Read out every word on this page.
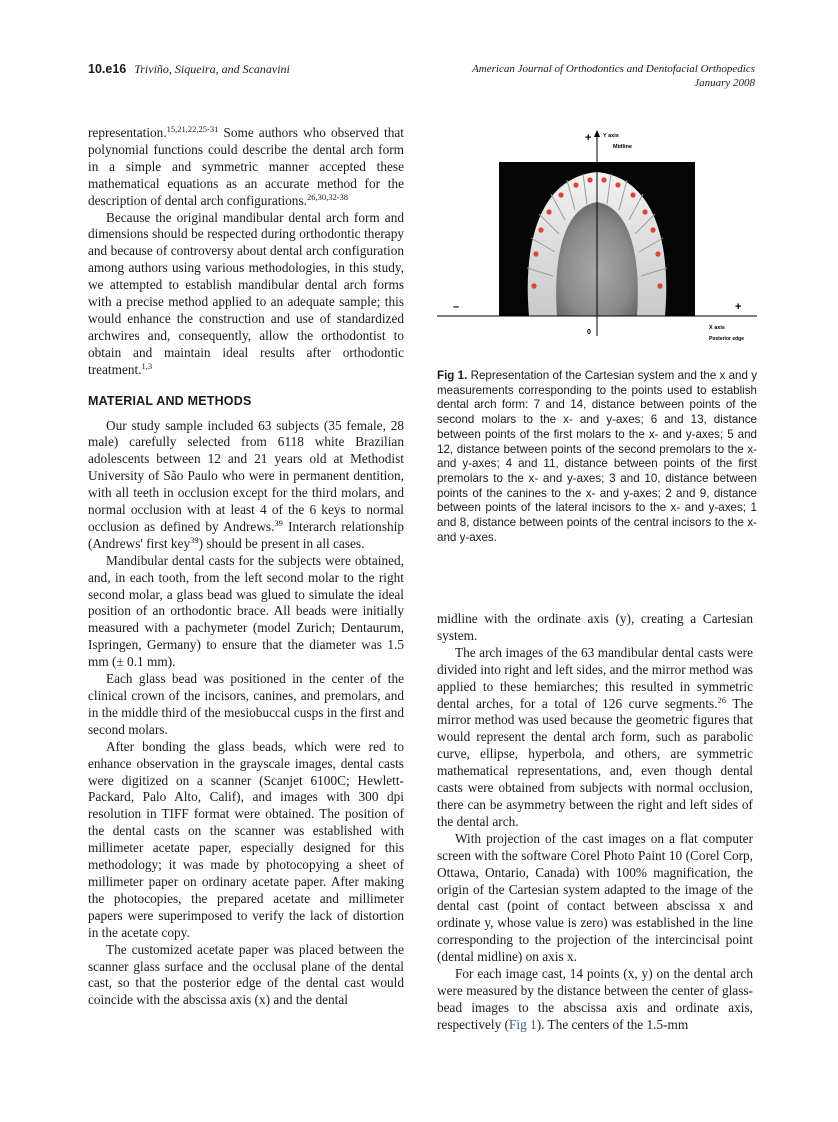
10.e16 Triviño, Siqueira, and Scanavini	American Journal of Orthodontics and Dentofacial Orthopedics
January 2008

representation.$^{15,21,22,25-31}$ Some authors who observed that polynomial functions could describe the dental arch form in a simple and symmetric manner accepted these mathematical equations as an accurate method for the description of dental arch configurations.$^{26,30,32-38}$

Because the original mandibular dental arch form and dimensions should be respected during orthodontic therapy and because of controversy about dental arch configuration among authors using various methodologies, in this study, we attempted to establish mandibular dental arch forms with a precise method applied to an adequate sample; this would enhance the construction and use of standardized archwires and, consequently, allow the orthodontist to obtain and maintain ideal results after orthodontic treatment.$^{1,3}$

MATERIAL AND METHODS

Our study sample included 63 subjects (35 female, 28 male) carefully selected from 6118 white Brazilian adolescents between 12 and 21 years old at Methodist University of São Paulo who were in permanent dentition, with all teeth in occlusion except for the third molars, and normal occlusion with at least 4 of the 6 keys to normal occlusion as defined by Andrews.$^{39}$ Interarch relationship (Andrews' first key$^{39}$) should be present in all cases.

Mandibular dental casts for the subjects were obtained, and, in each tooth, from the left second molar to the right second molar, a glass bead was glued to simulate the ideal position of an orthodontic brace. All beads were initially measured with a pachymeter (model Zurich; Dentaurum, Ispringen, Germany) to ensure that the diameter was 1.5 mm (± 0.1 mm).

Each glass bead was positioned in the center of the clinical crown of the incisors, canines, and premolars, and in the middle third of the mesiobuccal cusps in the first and second molars.

After bonding the glass beads, which were red to enhance observation in the grayscale images, dental casts were digitized on a scanner (Scanjet 6100C; Hewlett-Packard, Palo Alto, Calif), and images with 300 dpi resolution in TIFF format were obtained. The position of the dental casts on the scanner was established with millimeter acetate paper, especially designed for this methodology; it was made by photocopying a sheet of millimeter paper on ordinary acetate paper. After making the photocopies, the prepared acetate and millimeter papers were superimposed to verify the lack of distortion in the acetate copy.

The customized acetate paper was placed between the scanner glass surface and the occlusal plane of the dental cast, so that the posterior edge of the dental cast would coincide with the abscissa axis (x) and the dental

+ Y axis
Midline
–	+
0
X axis
Posterior edge
Fig 1. Representation of the Cartesian system and the x and y measurements corresponding to the points used to establish dental arch form: 7 and 14, distance between points of the second molars to the x- and y-axes; 6 and 13, distance between points of the first molars to the x- and y-axes; 5 and 12, distance between points of the second premolars to the x- and y-axes; 4 and 11, distance between points of the first premolars to the x- and y-axes; 3 and 10, distance between points of the canines to the x- and y-axes; 2 and 9, distance between points of the lateral incisors to the x- and y-axes; 1 and 8, distance between points of the central incisors to the x- and y-axes.

midline with the ordinate axis (y), creating a Cartesian system.

The arch images of the 63 mandibular dental casts were divided into right and left sides, and the mirror method was applied to these hemiarches; this resulted in symmetric dental arches, for a total of 126 curve segments.$^{26}$ The mirror method was used because the geometric figures that would represent the dental arch form, such as parabolic curve, ellipse, hyperbola, and others, are symmetric mathematical representations, and, even though dental casts were obtained from subjects with normal occlusion, there can be asymmetry between the right and left sides of the dental arch.

With projection of the cast images on a flat computer screen with the software Corel Photo Paint 10 (Corel Corp, Ottawa, Ontario, Canada) with 100% magnification, the origin of the Cartesian system adapted to the image of the dental cast (point of contact between abscissa x and ordinate y, whose value is zero) was established in the line corresponding to the projection of the intercincisal point (dental midline) on axis x.

For each image cast, 14 points (x, y) on the dental arch were measured by the distance between the center of glass-bead images to the abscissa axis and ordinate axis, respectively (Fig 1). The centers of the 1.5-mm
